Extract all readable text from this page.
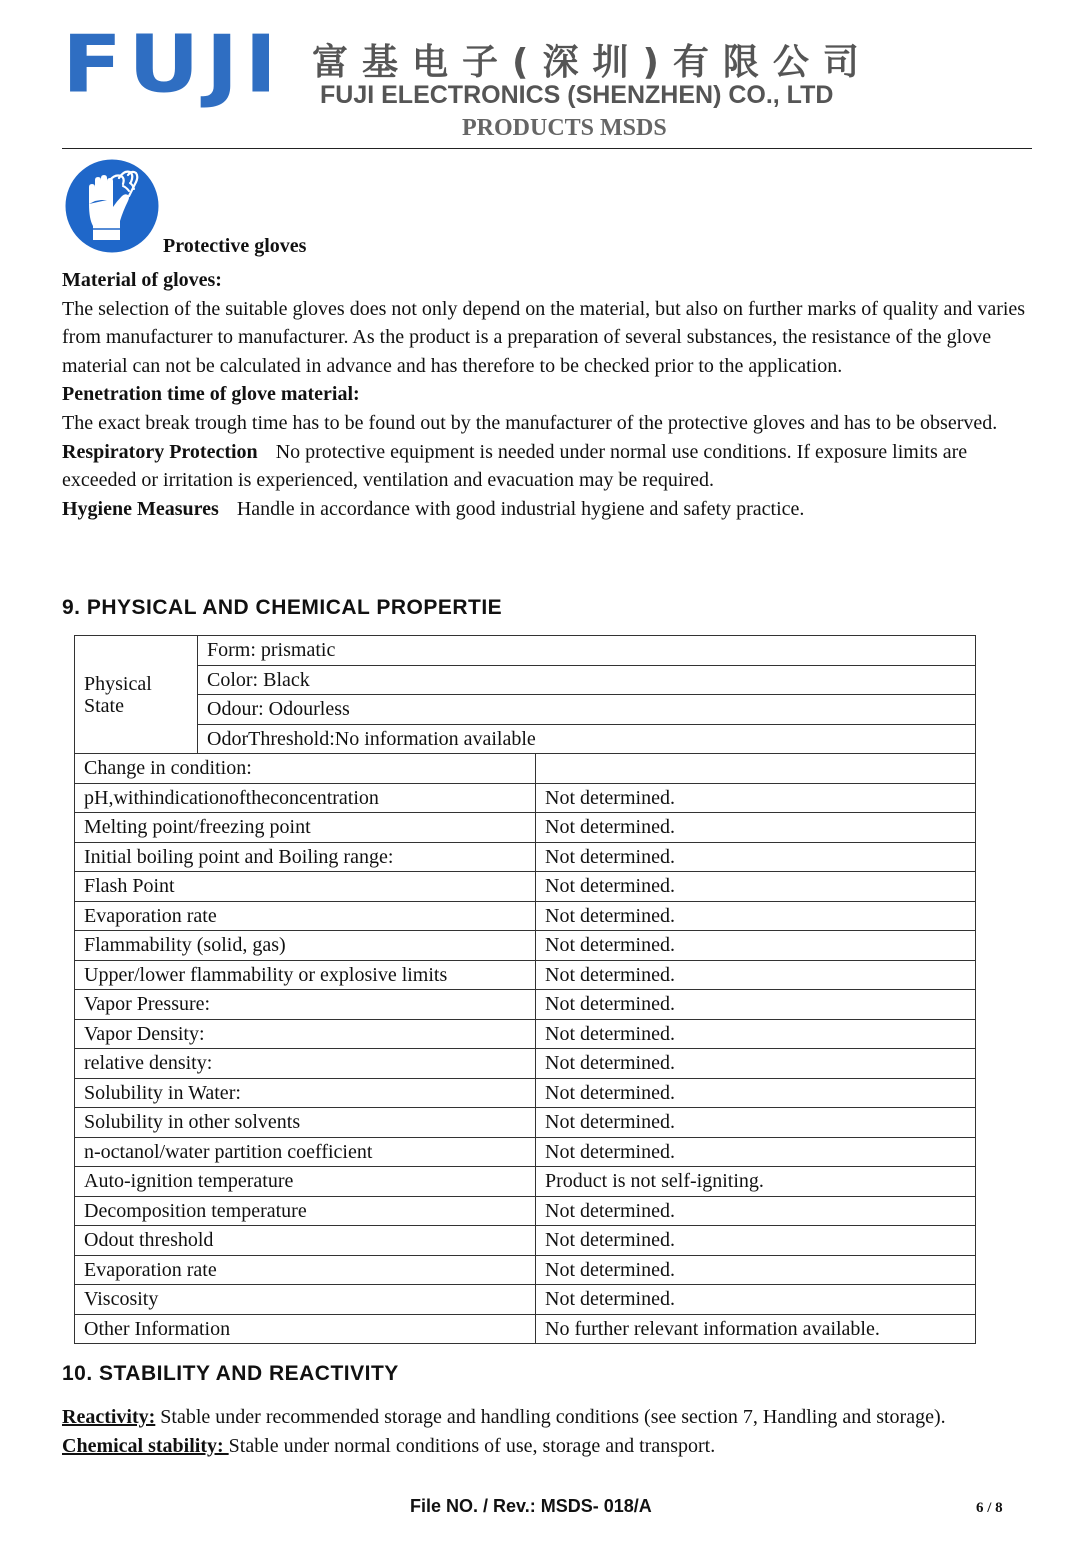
FUJI 富基电子(深圳)有限公司
FUJI ELECTRONICS (SHENZHEN) CO., LTD
PRODUCTS MSDS
Protective gloves

Material of gloves:

The selection of the suitable gloves does not only depend on the material, but also on further marks of quality and varies from manufacturer to manufacturer. As the product is a preparation of several substances, the resistance of the glove material can not be calculated in advance and has therefore to be checked prior to the application.

Penetration time of glove material:

The exact break trough time has to be found out by the manufacturer of the protective gloves and has to be observed.

Respiratory Protection No protective equipment is needed under normal use conditions. If exposure limits are exceeded or irritation is experienced, ventilation and evacuation may be required.

Hygiene Measures Handle in accordance with good industrial hygiene and safety practice.

9. PHYSICAL AND CHEMICAL PROPERTIE
Physical
State	Form: prismatic	
	Color: Black	
	Odour: Odourless	
	OdorThreshold:No information available	
Change in condition:		
pH,withindicationoftheconcentration		Not determined.
Melting point/freezing point		Not determined.
Initial boiling point and Boiling range:		Not determined.
Flash Point		Not determined.
Evaporation rate		Not determined.
Flammability (solid, gas)		Not determined.
Upper/lower flammability or explosive limits		Not determined.
Vapor Pressure:		Not determined.
Vapor Density:		Not determined.
relative density:		Not determined.
Solubility in Water:		Not determined.
Solubility in other solvents		Not determined.
n-octanol/water partition coefficient		Not determined.
Auto-ignition temperature		Product is not self-igniting.
Decomposition temperature		Not determined.
Odout threshold		Not determined.
Evaporation rate		Not determined.
Viscosity		Not determined.
Other Information		No further relevant information available.
10. STABILITY AND REACTIVITY

Reactivity: Stable under recommended storage and handling conditions (see section 7, Handling and storage).

Chemical stability: Stable under normal conditions of use, storage and transport.

File NO. / Rev.: MSDS- 018/A	6 / 8
